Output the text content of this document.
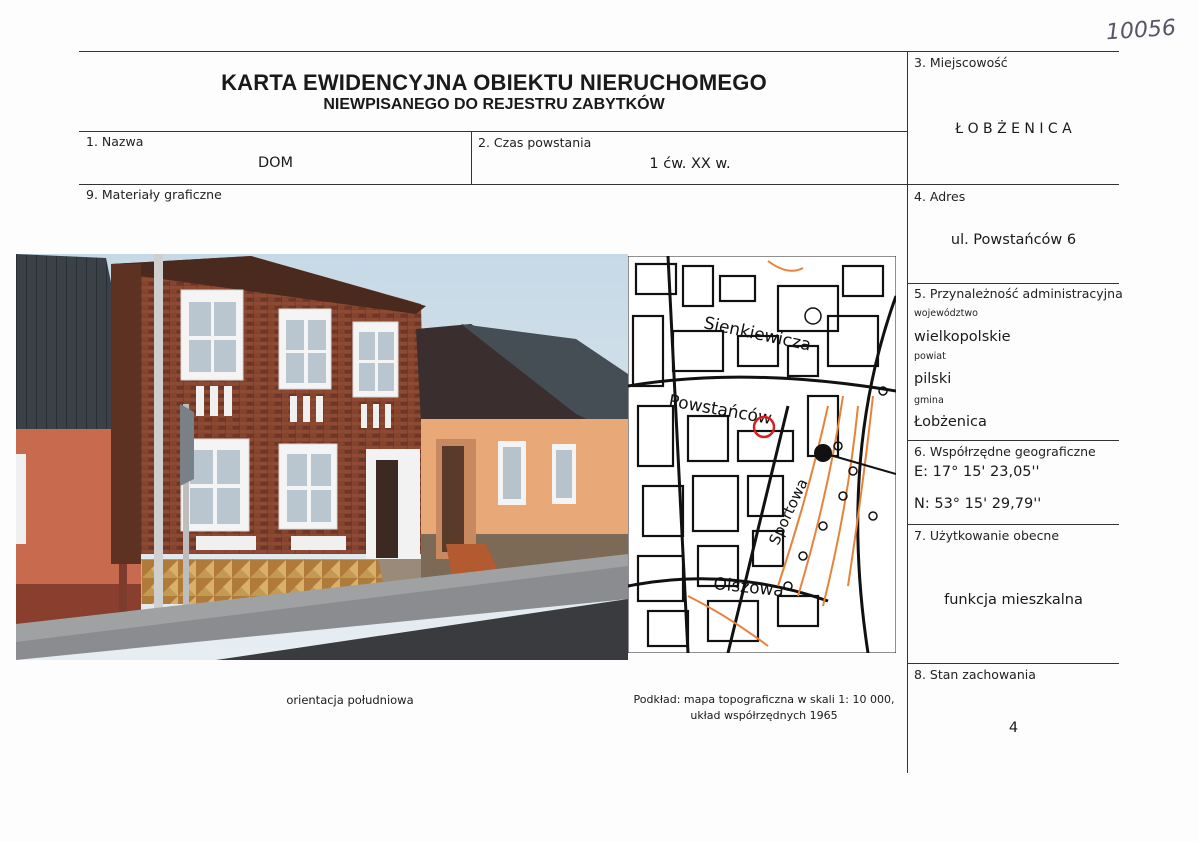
10056
KARTA EWIDENCYJNA OBIEKTU NIERUCHOMEGO
NIEWPISANEGO DO REJESTRU ZABYTKÓW
1. Nazwa
DOM
2. Czas powstania
1 ćw. XX w.
9. Materiały graficzne
3. Miejscowość
Ł O B Ż E N I C A
4. Adres
ul. Powstańców 6
5. Przynależność administracyjna
województwo
wielkopolskie
powiat
pilski
gmina
Łobżenica
6. Współrzędne geograficzne
E: 17° 15' 23,05''
N: 53° 15' 29,79''
7. Użytkowanie obecne
funkcja mieszkalna
8. Stan zachowania
4
Sienkiewicza
Powstańców
Sportowa
Olszowa
orientacja południowa	Podkład: mapa topograficzna w skali 1: 10 000,
układ współrzędnych 1965
